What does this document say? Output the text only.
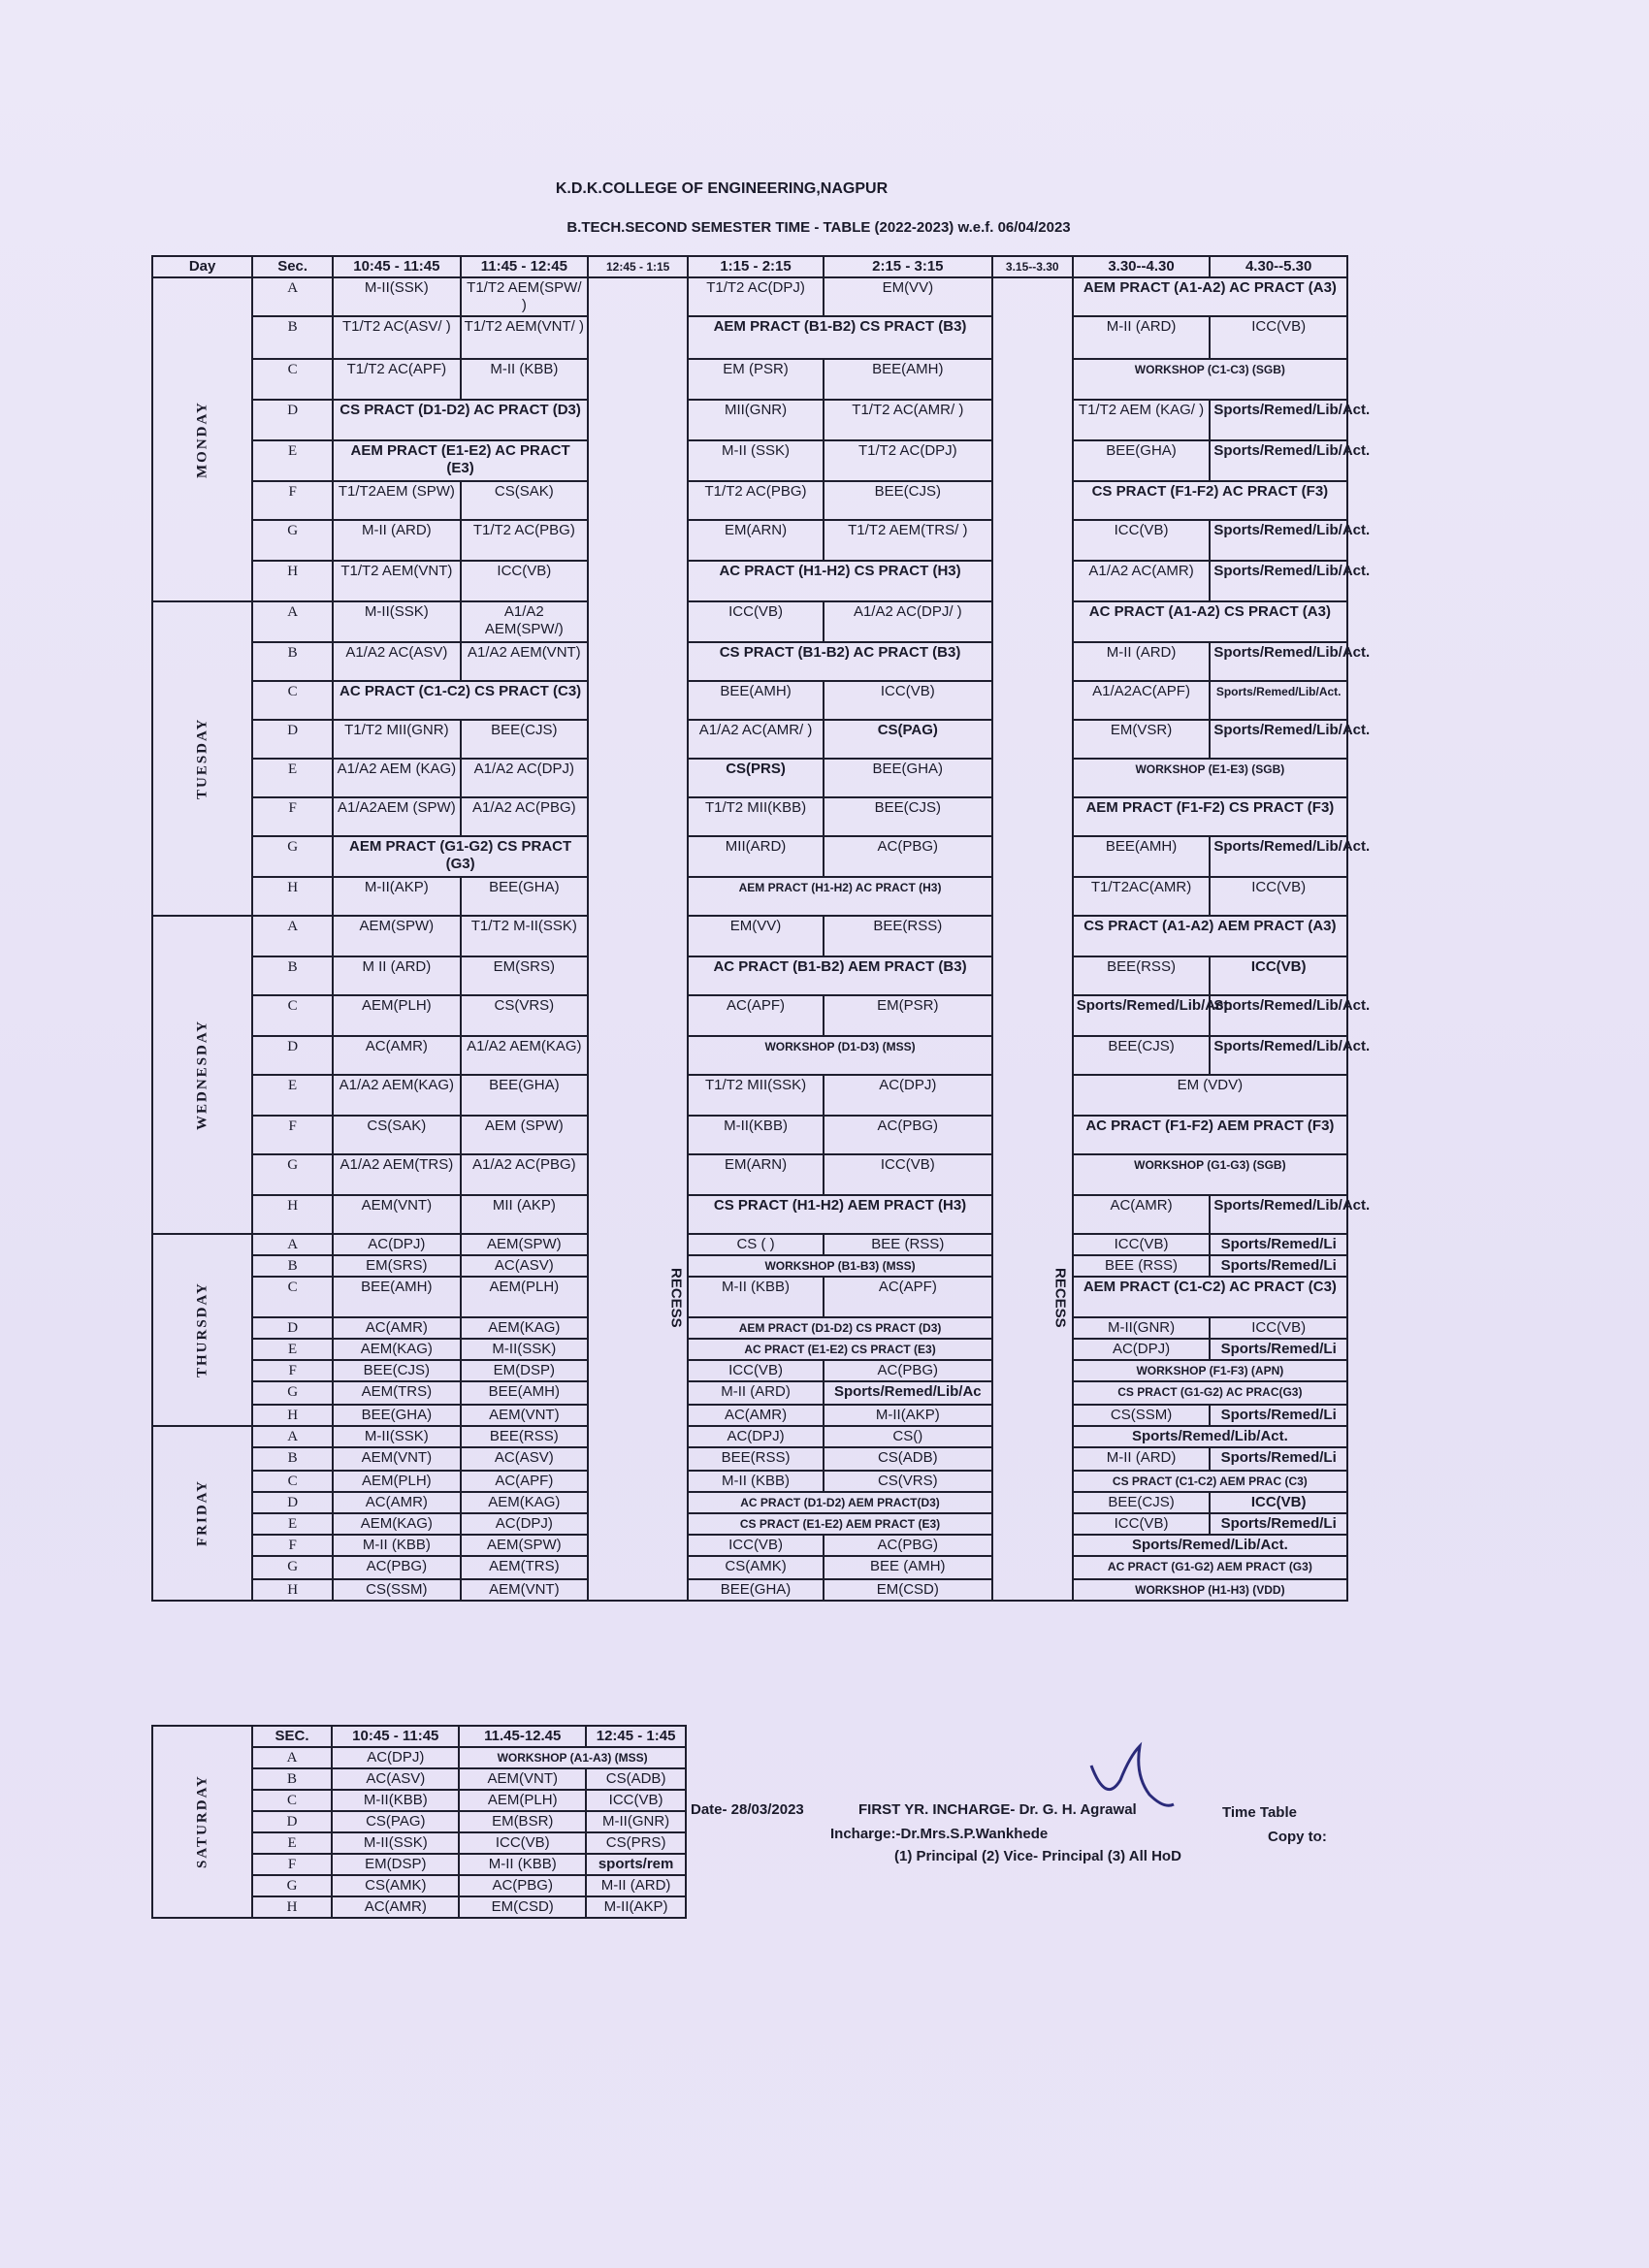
K.D.K.COLLEGE OF ENGINEERING,NAGPUR
B.TECH.SECOND SEMESTER TIME - TABLE (2022-2023) w.e.f. 06/04/2023
Day	Sec.	10:45 - 11:45	11:45 - 12:45	12:45 - 1:15	1:15 - 2:15	2:15 - 3:15	3.15--3.30	3.30--4.30	4.30--5.30
MONDAY	A	M-II(SSK)	T1/T2 AEM(SPW/ )	RECESS	T1/T2 AC(DPJ)	EM(VV)	RECESS	AEM PRACT (A1-A2) AC PRACT (A3)	
	B	T1/T2 AC(ASV/ )	T1/T2 AEM(VNT/ )		AEM PRACT (B1-B2) CS PRACT (B3)			M-II (ARD)	ICC(VB)
	C	T1/T2 AC(APF)	M-II (KBB)		EM (PSR)	BEE(AMH)		WORKSHOP (C1-C3) (SGB)	
	D	CS PRACT (D1-D2) AC PRACT (D3)			MII(GNR)	T1/T2 AC(AMR/ )		T1/T2 AEM (KAG/ )	Sports/Remed/Lib/Act.
	E	AEM PRACT (E1-E2) AC PRACT (E3)			M-II (SSK)	T1/T2 AC(DPJ)		BEE(GHA)	Sports/Remed/Lib/Act.
	F	T1/T2AEM (SPW)	CS(SAK)		T1/T2 AC(PBG)	BEE(CJS)		CS PRACT (F1-F2) AC PRACT (F3)	
	G	M-II (ARD)	T1/T2 AC(PBG)		EM(ARN)	T1/T2 AEM(TRS/ )		ICC(VB)	Sports/Remed/Lib/Act.
	H	T1/T2 AEM(VNT)	ICC(VB)		AC PRACT (H1-H2) CS PRACT (H3)			A1/A2 AC(AMR)	Sports/Remed/Lib/Act.
TUESDAY	A	M-II(SSK)	A1/A2 AEM(SPW/)		ICC(VB)	A1/A2 AC(DPJ/ )		AC PRACT (A1-A2) CS PRACT (A3)	
	B	A1/A2 AC(ASV)	A1/A2 AEM(VNT)		CS PRACT (B1-B2) AC PRACT (B3)			M-II (ARD)	Sports/Remed/Lib/Act.
	C	AC PRACT (C1-C2) CS PRACT (C3)			BEE(AMH)	ICC(VB)		A1/A2AC(APF)	Sports/Remed/Lib/Act.
	D	T1/T2 MII(GNR)	BEE(CJS)		A1/A2 AC(AMR/ )	CS(PAG)		EM(VSR)	Sports/Remed/Lib/Act.
	E	A1/A2 AEM (KAG)	A1/A2 AC(DPJ)		CS(PRS)	BEE(GHA)		WORKSHOP (E1-E3) (SGB)	
	F	A1/A2AEM (SPW)	A1/A2 AC(PBG)		T1/T2 MII(KBB)	BEE(CJS)		AEM PRACT (F1-F2) CS PRACT (F3)	
	G	AEM PRACT (G1-G2) CS PRACT (G3)			MII(ARD)	AC(PBG)		BEE(AMH)	Sports/Remed/Lib/Act.
	H	M-II(AKP)	BEE(GHA)		AEM PRACT (H1-H2) AC PRACT (H3)			T1/T2AC(AMR)	ICC(VB)
WEDNESDAY	A	AEM(SPW)	T1/T2 M-II(SSK)		EM(VV)	BEE(RSS)		CS PRACT (A1-A2) AEM PRACT (A3)	
	B	M II (ARD)	EM(SRS)		AC PRACT (B1-B2) AEM PRACT (B3)			BEE(RSS)	ICC(VB)
	C	AEM(PLH)	CS(VRS)		AC(APF)	EM(PSR)		Sports/Remed/Lib/Act.	Sports/Remed/Lib/Act.
	D	AC(AMR)	A1/A2 AEM(KAG)		WORKSHOP (D1-D3) (MSS)			BEE(CJS)	Sports/Remed/Lib/Act.
	E	A1/A2 AEM(KAG)	BEE(GHA)		T1/T2 MII(SSK)	AC(DPJ)		EM (VDV)	
	F	CS(SAK)	AEM (SPW)		M-II(KBB)	AC(PBG)		AC PRACT (F1-F2) AEM PRACT (F3)	
	G	A1/A2 AEM(TRS)	A1/A2 AC(PBG)		EM(ARN)	ICC(VB)		WORKSHOP (G1-G3) (SGB)	
	H	AEM(VNT)	MII (AKP)		CS PRACT (H1-H2) AEM PRACT (H3)			AC(AMR)	Sports/Remed/Lib/Act.
THURSDAY	A	AC(DPJ)	AEM(SPW)		CS ( )	BEE (RSS)		ICC(VB)	Sports/Remed/Li
	B	EM(SRS)	AC(ASV)		WORKSHOP (B1-B3) (MSS)			BEE (RSS)	Sports/Remed/Li
	C	BEE(AMH)	AEM(PLH)		M-II (KBB)	AC(APF)		AEM PRACT (C1-C2) AC PRACT (C3)	
	D	AC(AMR)	AEM(KAG)		AEM PRACT (D1-D2) CS PRACT (D3)			M-II(GNR)	ICC(VB)
	E	AEM(KAG)	M-II(SSK)		AC PRACT (E1-E2) CS PRACT (E3)			AC(DPJ)	Sports/Remed/Li
	F	BEE(CJS)	EM(DSP)		ICC(VB)	AC(PBG)		WORKSHOP (F1-F3) (APN)	
	G	AEM(TRS)	BEE(AMH)		M-II (ARD)	Sports/Remed/Lib/Ac		CS PRACT (G1-G2) AC PRAC(G3)	
	H	BEE(GHA)	AEM(VNT)		AC(AMR)	M-II(AKP)		CS(SSM)	Sports/Remed/Li
FRIDAY	A	M-II(SSK)	BEE(RSS)		AC(DPJ)	CS()		Sports/Remed/Lib/Act.	
	B	AEM(VNT)	AC(ASV)		BEE(RSS)	CS(ADB)		M-II (ARD)	Sports/Remed/Li
	C	AEM(PLH)	AC(APF)		M-II (KBB)	CS(VRS)		CS PRACT (C1-C2) AEM PRAC (C3)	
	D	AC(AMR)	AEM(KAG)		AC PRACT (D1-D2) AEM PRACT(D3)			BEE(CJS)	ICC(VB)
	E	AEM(KAG)	AC(DPJ)		CS PRACT (E1-E2) AEM PRACT (E3)			ICC(VB)	Sports/Remed/Li
	F	M-II (KBB)	AEM(SPW)		ICC(VB)	AC(PBG)		Sports/Remed/Lib/Act.	
	G	AC(PBG)	AEM(TRS)		CS(AMK)	BEE (AMH)		AC PRACT (G1-G2) AEM PRACT (G3)	
	H	CS(SSM)	AEM(VNT)		BEE(GHA)	EM(CSD)		WORKSHOP (H1-H3) (VDD)	
SATURDAY	SEC.	10:45 - 11:45	11.45-12.45	12:45 - 1:45
	A	AC(DPJ)	WORKSHOP (A1-A3) (MSS)	
	B	AC(ASV)	AEM(VNT)	CS(ADB)
	C	M-II(KBB)	AEM(PLH)	ICC(VB)
	D	CS(PAG)	EM(BSR)	M-II(GNR)
	E	M-II(SSK)	ICC(VB)	CS(PRS)
	F	EM(DSP)	M-II (KBB)	sports/rem
	G	CS(AMK)	AC(PBG)	M-II (ARD)
	H	AC(AMR)	EM(CSD)	M-II(AKP)
Date- 28/03/2023	FIRST YR. INCHARGE- Dr. G. H. Agrawal	Time Table
Incharge:-Dr.Mrs.S.P.Wankhede	Copy to:
(1) Principal (2) Vice- Principal (3) All HoD
